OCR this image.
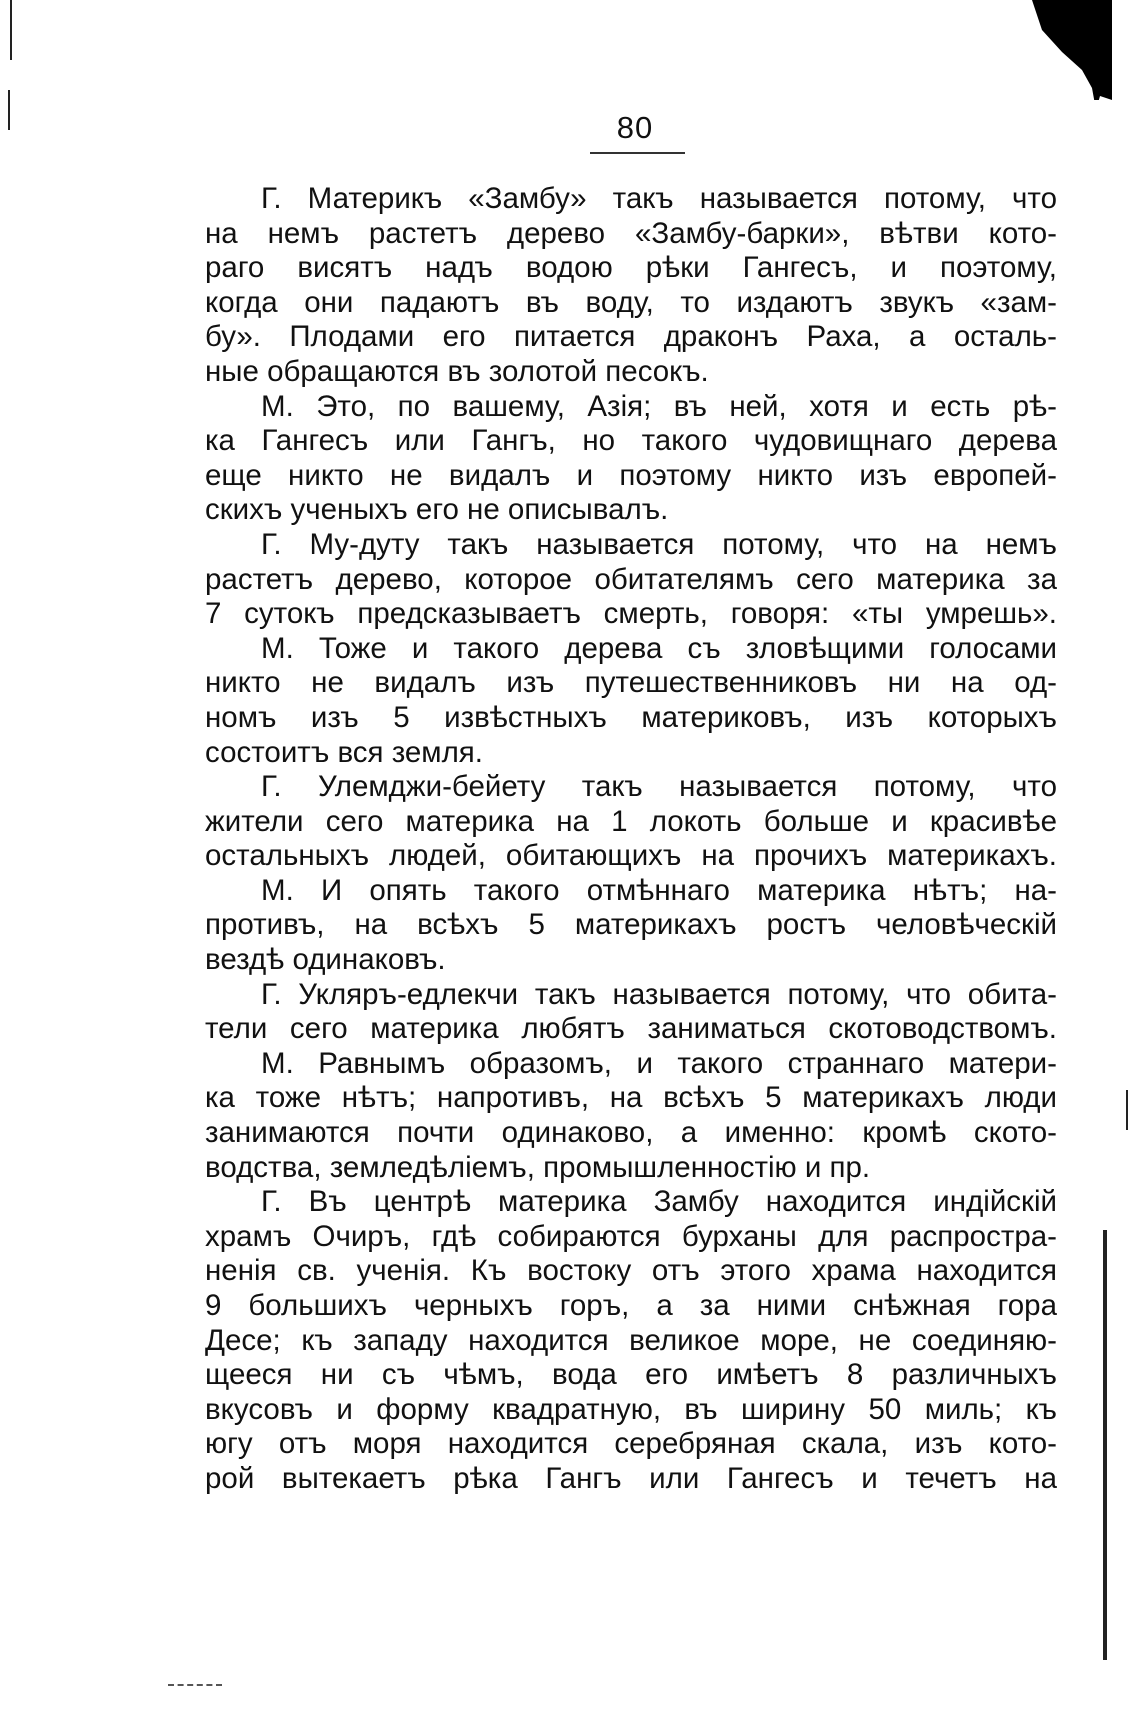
80
Г. Материкъ «Замбу» такъ называется потому, что
на немъ растетъ дерево «Замбу-барки», вѣтви кото-
раго висятъ надъ водою рѣки Гангесъ, и поэтому,
когда они падаютъ въ воду, то издаютъ звукъ «зам-
бу». Плодами его питается драконъ Раха, а осталь-
ные обращаются въ золотой песокъ.
М. Это, по вашему, Азія; въ ней, хотя и есть рѣ-
ка Гангесъ или Гангъ, но такого чудовищнаго дерева
еще никто не видалъ и поэтому никто изъ европей-
скихъ ученыхъ его не описывалъ.
Г. Му-дуту такъ называется потому, что на немъ
растетъ дерево, которое обитателямъ сего материка за
7 сутокъ предсказываетъ смерть, говоря: «ты умрешь».
М. Тоже и такого дерева съ зловѣщими голосами
никто не видалъ изъ путешественниковъ ни на од-
номъ изъ 5 извѣстныхъ материковъ, изъ которыхъ
состоитъ вся земля.
Г. Улемджи-бейету такъ называется потому, что
жители сего материка на 1 локоть больше и красивѣе
остальныхъ людей, обитающихъ на прочихъ материкахъ.
М. И опять такого отмѣннаго материка нѣтъ; на-
противъ, на всѣхъ 5 материкахъ ростъ человѣческій
вездѣ одинаковъ.
Г. Укляръ-едлекчи такъ называется потому, что обита-
тели сего материка любятъ заниматься скотоводствомъ.
М. Равнымъ образомъ, и такого страннаго матери-
ка тоже нѣтъ; напротивъ, на всѣхъ 5 материкахъ люди
занимаются почти одинаково, а именно: кромѣ ското-
водства, земледѣліемъ, промышленностію и пр.
Г. Въ центрѣ материка Замбу находится индійскій
храмъ Очиръ, гдѣ собираются бурханы для распростра-
ненія св. ученія. Къ востоку отъ этого храма находится
9 большихъ черныхъ горъ, а за ними снѣжная гора
Десе; къ западу находится великое море, не соединяю-
щееся ни съ чѣмъ, вода его имѣетъ 8 различныхъ
вкусовъ и форму квадратную, въ ширину 50 миль; къ
югу отъ моря находится серебряная скала, изъ кото-
рой вытекаетъ рѣка Гангъ или Гангесъ и течетъ на
